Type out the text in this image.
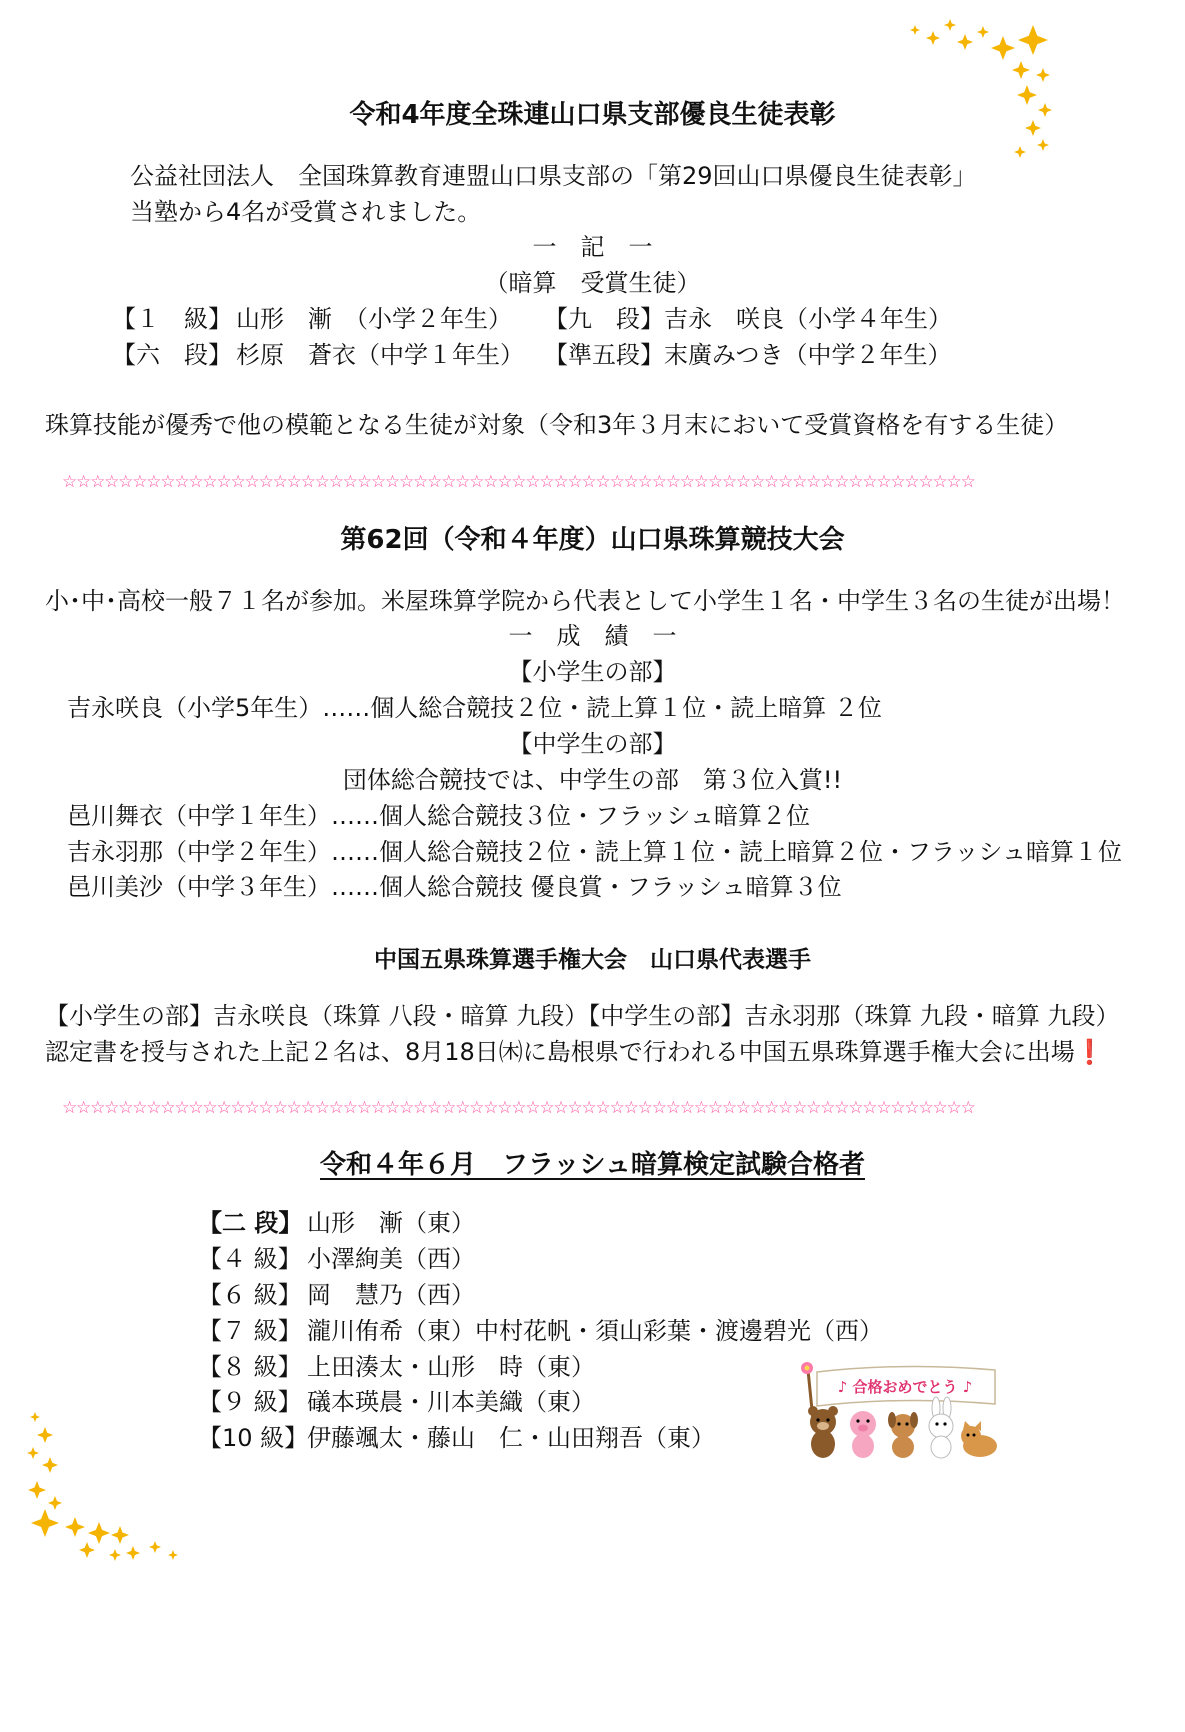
令和4年度全珠連山口県支部優良生徒表彰
公益社団法人　全国珠算教育連盟山口県支部の「第29回山口県優良生徒表彰」
当塾から4名が受賞されました。
一　記　一
（暗算　受賞生徒）
【１　級】 山形　漸　（小学２年生） 【九　段】 吉永　咲良（小学４年生）
【六　段】 杉原　蒼衣（中学１年生） 【準五段】 末廣みつき（中学２年生）
珠算技能が優秀で他の模範となる生徒が対象（令和3年３月末において受賞資格を有する生徒）
☆☆☆☆☆☆☆☆☆☆☆☆☆☆☆☆☆☆☆☆☆☆☆☆☆☆☆☆☆☆☆☆☆☆☆☆☆☆☆☆☆☆☆☆☆☆☆☆☆☆☆☆☆☆☆☆☆☆☆☆☆☆☆☆☆
第62回（令和４年度）山口県珠算競技大会
小･中･高校一般７１名が参加。米屋珠算学院から代表として小学生１名・中学生３名の生徒が出場！
一　成　績　一
【小学生の部】
吉永咲良（小学5年生）……個人総合競技２位・読上算１位・読上暗算 ２位
【中学生の部】
団体総合競技では、中学生の部　第３位入賞!!
邑川舞衣（中学１年生）……個人総合競技３位・フラッシュ暗算２位
吉永羽那（中学２年生）……個人総合競技２位・読上算１位・読上暗算２位・フラッシュ暗算１位
邑川美沙（中学３年生）……個人総合競技 優良賞・フラッシュ暗算３位
中国五県珠算選手権大会　山口県代表選手
【小学生の部】吉永咲良（珠算 八段・暗算 九段）【中学生の部】吉永羽那（珠算 九段・暗算 九段）
認定書を授与された上記２名は、8月18日㈭に島根県で行われる中国五県珠算選手権大会に出場❗
☆☆☆☆☆☆☆☆☆☆☆☆☆☆☆☆☆☆☆☆☆☆☆☆☆☆☆☆☆☆☆☆☆☆☆☆☆☆☆☆☆☆☆☆☆☆☆☆☆☆☆☆☆☆☆☆☆☆☆☆☆☆☆☆☆
令和４年６月　フラッシュ暗算検定試験合格者
【二 段】 山形　漸（東）
【４ 級】 小澤絢美（西）
【６ 級】 岡　慧乃（西）
【７ 級】 瀧川侑希（東）中村花帆・須山彩葉・渡邊碧光（西）
【８ 級】 上田湊太・山形　時（東）
【９ 級】 礒本瑛晨・川本美織（東）
【10 級】
伊藤颯太・藤山　仁・山田翔吾（東）
♪ 合格おめでとう ♪
